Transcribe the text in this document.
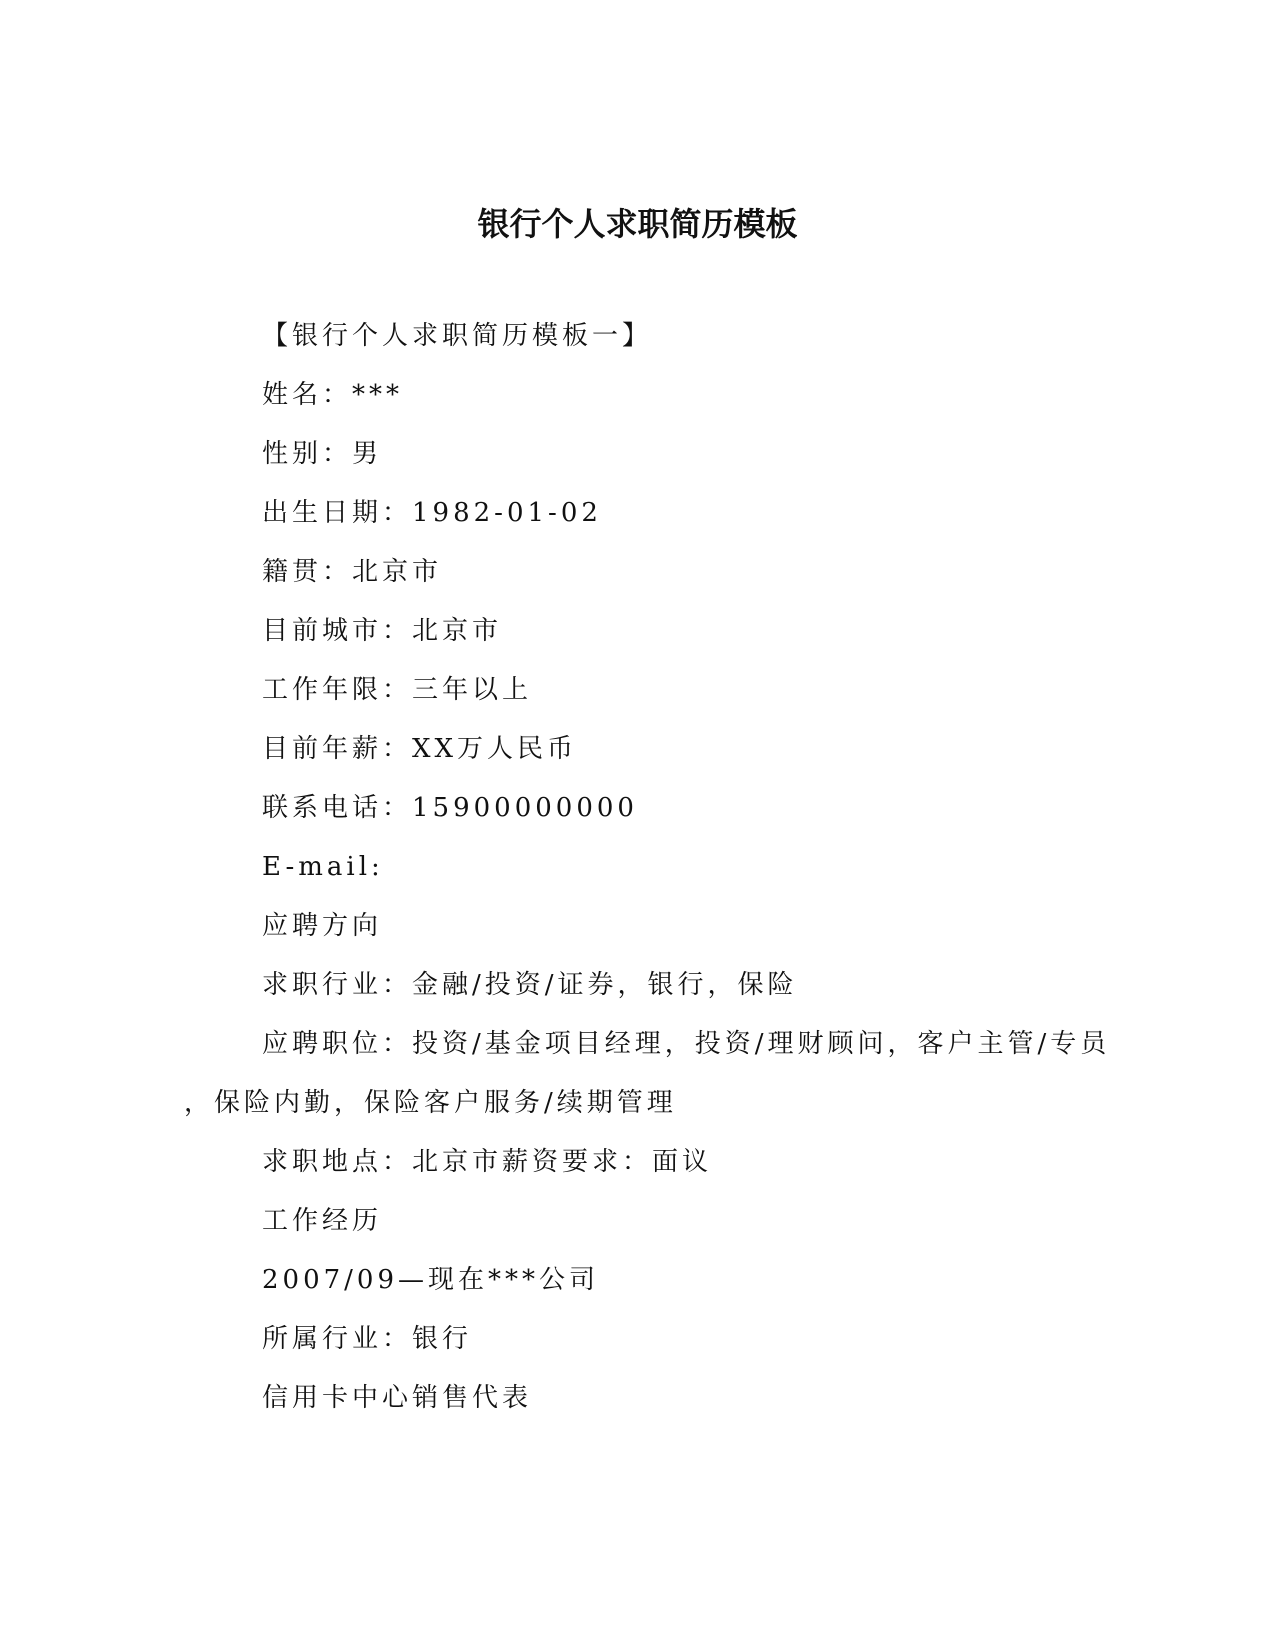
银行个人求职简历模板

【银行个人求职简历模板一】

姓名：***

性别：男

出生日期：1982-01-02

籍贯：北京市

目前城市：北京市

工作年限：三年以上

目前年薪：XX万人民币

联系电话：15900000000

E-mail:

应聘方向

求职行业：金融/投资/证券，银行，保险

应聘职位：投资/基金项目经理，投资/理财顾问，客户主管/专员

，保险内勤，保险客户服务/续期管理

求职地点：北京市薪资要求：面议

工作经历

2007/09—现在***公司

所属行业：银行

信用卡中心销售代表
